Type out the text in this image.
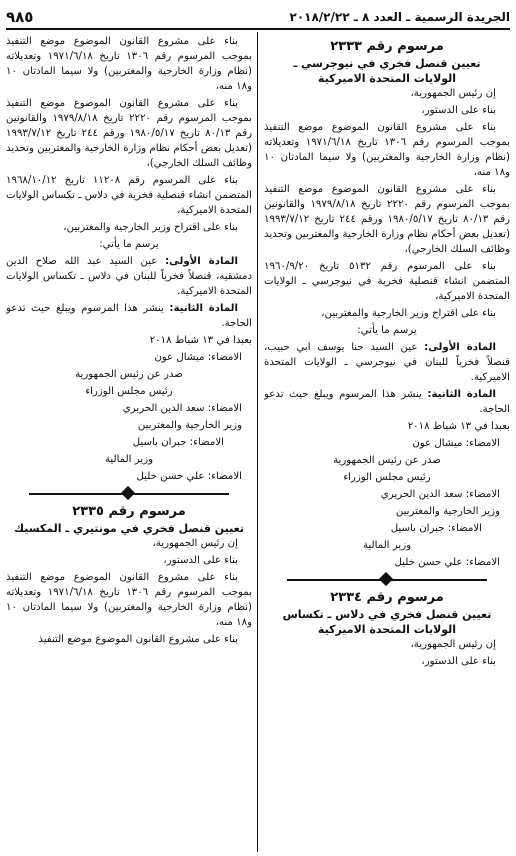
الجريدة الرسمية ـ العدد ٨ ـ ٢٠١٨/٢/٢٢
٩٨٥
مرسوم رقم ٢٣٣٣
تعيين قنصل فخري في نيوجرسي ـ
الولايات المتحدة الاميركية

إن رئيس الجمهورية،

بناء على الدستور،

بناء على مشروع القانون الموضوع موضع التنفيذ بموجب المرسوم رقم ١٣٠٦ تاريخ ١٩٧١/٦/١٨ وتعديلاته (نظام وزارة الخارجية والمغتربين) ولا سيما المادتان ١٠ و١٨ منه،

بناء على مشروع القانون الموضوع موضع التنفيذ بموجب المرسوم رقم ٢٢٢٠ تاريخ ١٩٧٩/٨/١٨ والقانونين رقم ٨٠/١٣ تاريخ ١٩٨٠/٥/١٧ ورقم ٢٤٤ تاريخ ١٩٩٣/٧/١٢ (تعديل بعض أحكام نظام وزارة الخارجية والمغتربين وتحديد وظائف السلك الخارجي)،

بناء على المرسوم رقم ٥١٣٢ تاريخ ١٩٦٠/٩/٢٠ المتضمن انشاء قنصلية فخرية في نيوجرسي ـ الولايات المتحدة الاميركية،

بناء على اقتراح وزير الخارجية والمغتربين،

يرسم ما يأتي:

المادة الأولى: عين السيد حنا يوسف ابي حبيب، قنصلاً فخرياً للبنان في نيوجرسي ـ الولايات المتحدة الاميركية.

المادة الثانية: ينشر هذا المرسوم ويبلغ حيث تدعو الحاجة.

بعبدا في ١٣ شباط ٢٠١٨

الامضاء: ميشال عون

صدر عن رئيس الجمهورية

رئيس مجلس الوزراء

الامضاء: سعد الدين الحريري

وزير الخارجية والمغتربين

الامضاء: جبران باسيل

وزير المالية

الامضاء: علي حسن خليل

مرسوم رقم ٢٣٣٤
تعيين قنصل فخري في دلاس ـ تكساس
الولايات المتحدة الاميركية

إن رئيس الجمهورية،

بناء على الدستور،

بناء على مشروع القانون الموضوع موضع التنفيذ بموجب المرسوم رقم ١٣٠٦ تاريخ ١٩٧١/٦/١٨ وتعديلاته (نظام وزارة الخارجية والمغتربين) ولا سيما المادتان ١٠ و١٨ منه،

بناء على مشروع القانون الموضوع موضع التنفيذ بموجب المرسوم رقم ٢٢٢٠ تاريخ ١٩٧٩/٨/١٨ والقانونين رقم ٨٠/١٣ تاريخ ١٩٨٠/٥/١٧ ورقم ٢٤٤ تاريخ ١٩٩٣/٧/١٢ (تعديل بعض أحكام نظام وزارة الخارجية والمغتربين وتحديد وظائف السلك الخارجي)،

بناء على المرسوم رقم ١١٢٠٨ تاريخ ١٩٦٨/١٠/١٢ المتضمن انشاء قنصلية فخرية في دلاس ـ تكساس الولايات المتحدة الاميركية،

بناء على اقتراح وزير الخارجية والمغتربين،

يرسم ما يأتي:

المادة الأولى: عين السيد عبد الله صلاح الدين دمشقيه، قنصلاً فخرياً للبنان في دلاس ـ تكساس الولايات المتحدة الاميركية.

المادة الثانية: ينشر هذا المرسوم ويبلغ حيث تدعو الحاجة.

بعبدا في ١٣ شباط ٢٠١٨

الامضاء: ميشال عون

صدر عن رئيس الجمهورية

رئيس مجلس الوزراء

الامضاء: سعد الدين الحريري

وزير الخارجية والمغتربين

الامضاء: جبران باسيل

وزير المالية

الامضاء: علي حسن خليل

مرسوم رقم ٢٣٣٥
تعيين قنصل فخري في مونتيري ـ المكسيك

إن رئيس الجمهورية،

بناء على الدستور،

بناء على مشروع القانون الموضوع موضع التنفيذ بموجب المرسوم رقم ١٣٠٦ تاريخ ١٩٧١/٦/١٨ وتعديلاته (نظام وزارة الخارجية والمغتربين) ولا سيما المادتان ١٠ و١٨ منه،

بناء على مشروع القانون الموضوع موضع التنفيذ
